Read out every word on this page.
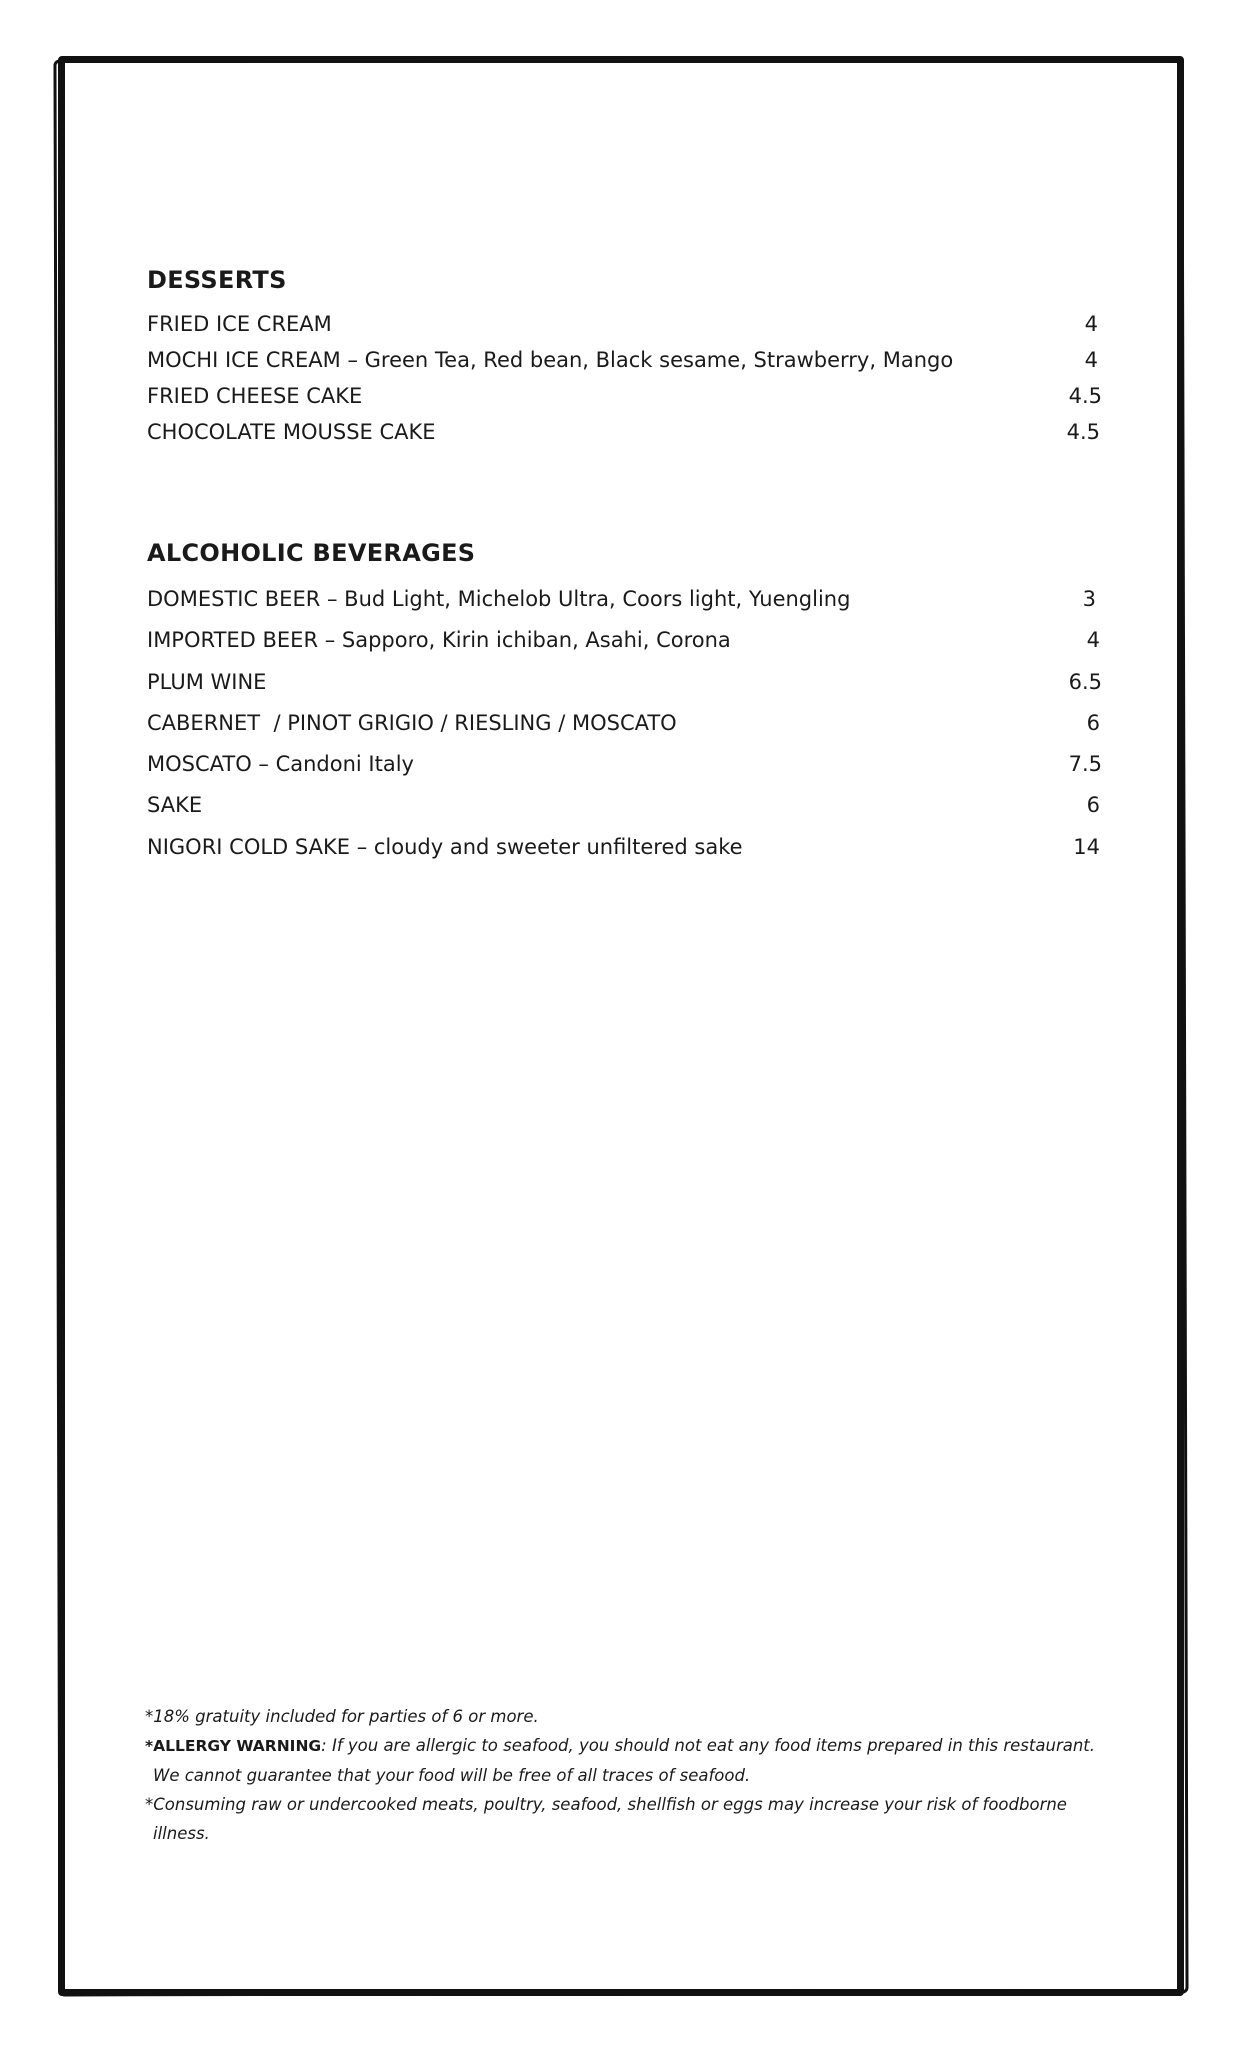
DESSERTS
FRIED ICE CREAM	4
MOCHI ICE CREAM – Green Tea, Red bean, Black sesame, Strawberry, Mango	4
FRIED CHEESE CAKE	4.5
CHOCOLATE MOUSSE CAKE	4.5
ALCOHOLIC BEVERAGES
DOMESTIC BEER – Bud Light, Michelob Ultra, Coors light, Yuengling	3
IMPORTED BEER – Sapporo, Kirin ichiban, Asahi, Corona	4
PLUM WINE	6.5
CABERNET  / PINOT GRIGIO / RIESLING / MOSCATO	6
MOSCATO – Candoni Italy	7.5
SAKE	6
NIGORI COLD SAKE – cloudy and sweeter unfiltered sake	14

*18% gratuity included for parties of 6 or more.

*ALLERGY WARNING: If you are allergic to seafood, you should not eat any food items prepared in this restaurant.

We cannot guarantee that your food will be free of all traces of seafood.

*Consuming raw or undercooked meats, poultry, seafood, shellfish or eggs may increase your risk of foodborne

illness.
